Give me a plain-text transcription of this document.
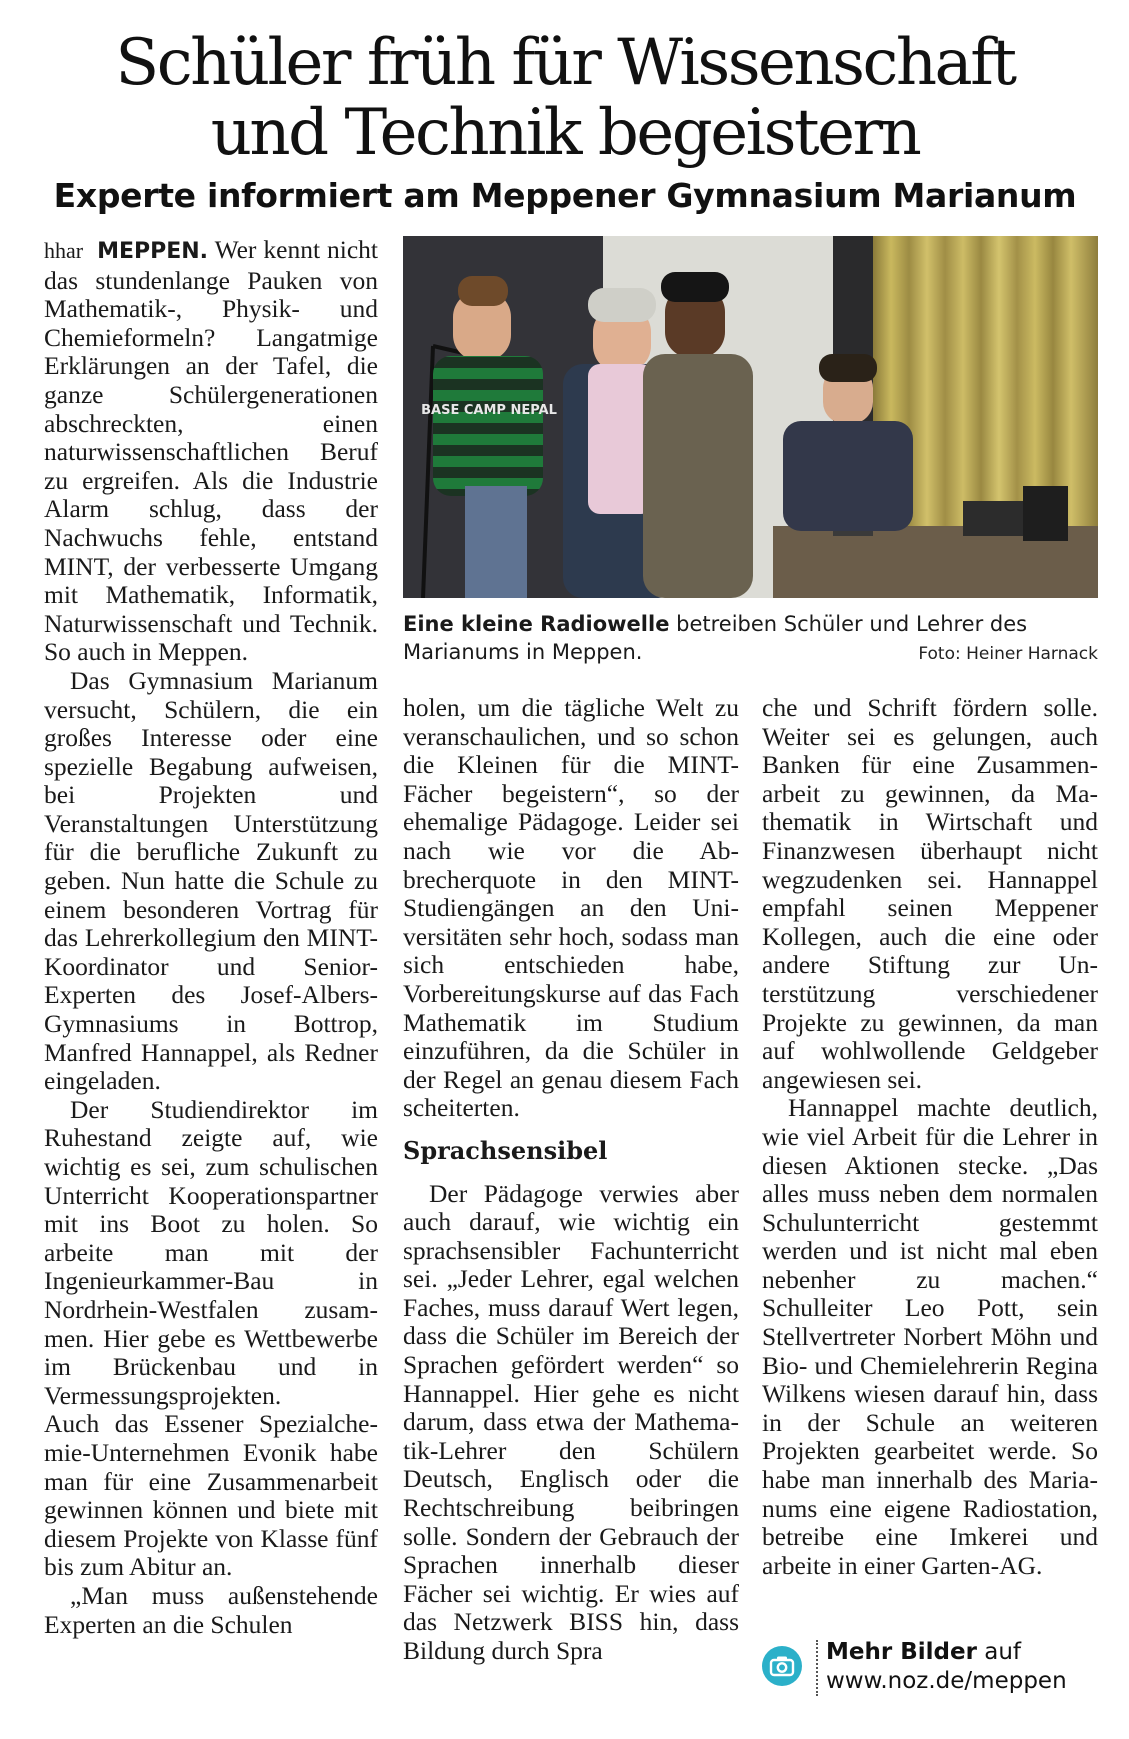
Schüler früh für Wissenschaft
und Technik begeistern
Experte informiert am Meppener Gymnasium Marianum

hhar MEPPEN. Wer kennt nicht das stundenlange Pauken von Mathematik-, Physik- und Chemieformeln? Langatmige Erklärungen an der Tafel, die ganze Schülergenerationen abschreckten, einen naturwissenschaftlichen Beruf zu ergreifen. Als die Industrie Alarm schlug, dass der Nachwuchs fehle, entstand MINT, der verbesserte Umgang mit Mathematik, Informatik, Naturwissenschaft und Technik. So auch in Meppen.

Das Gymnasium Marianum versucht, Schülern, die ein großes Interesse oder eine spezielle Begabung aufweisen, bei Projekten und Veranstaltungen Unterstützung für die berufliche Zukunft zu geben. Nun hatte die Schule zu einem besonderen Vortrag für das Lehrerkollegium den MINT-Koordinator und Senior-Experten des Josef-Albers-Gymnasiums in Bottrop, Manfred Hannappel, als Redner eingeladen.

Der Studiendirektor im Ruhestand zeigte auf, wie wichtig es sei, zum schulischen Unterricht Kooperationspartner mit ins Boot zu holen. So arbeite man mit der Ingenieurkammer-Bau in Nordrhein-Westfalen zusammen. Hier gebe es Wettbewerbe im Brückenbau und in Vermessungsprojekten.

Auch das Essener Spezialchemie-Unternehmen Evonik habe man für eine Zusammenarbeit gewinnen können und biete mit diesem Projekte von Klasse fünf bis zum Abitur an.

„Man muss außenstehende Experten an die Schulen

BASE CAMP NEPAL
Eine kleine Radiowelle betreiben Schüler und Lehrer des Marianums in Meppen.	Foto: Heiner Harnack

holen, um die tägliche Welt zu veranschaulichen, und so schon die Kleinen für die MINT-Fächer begeistern“, so der ehemalige Pädagoge. Leider sei nach wie vor die Abbrecherquote in den MINT-Studiengängen an den Universitäten sehr hoch, sodass man sich entschieden habe, Vorbereitungskurse auf das Fach Mathematik im Studium einzuführen, da die Schüler in der Regel an genau diesem Fach scheiterten.

Sprachsensibel

Der Pädagoge verwies aber auch darauf, wie wichtig ein sprachsensibler Fachunterricht sei. „Jeder Lehrer, egal welchen Faches, muss darauf Wert legen, dass die Schüler im Bereich der Sprachen gefördert werden“ so Hannappel. Hier gehe es nicht darum, dass etwa der Mathematik-Lehrer den Schülern Deutsch, Englisch oder die Rechtschreibung beibringen solle. Sondern der Gebrauch der Sprachen innerhalb dieser Fächer sei wichtig. Er wies auf das Netzwerk BISS hin, dass Bildung durch Spra

che und Schrift fördern solle. Weiter sei es gelungen, auch Banken für eine Zusammenarbeit zu gewinnen, da Mathematik in Wirtschaft und Finanzwesen überhaupt nicht wegzudenken sei. Hannappel empfahl seinen Meppener Kollegen, auch die eine oder andere Stiftung zur Unterstützung verschiedener Projekte zu gewinnen, da man auf wohlwollende Geldgeber angewiesen sei.

Hannappel machte deutlich, wie viel Arbeit für die Lehrer in diesen Aktionen stecke. „Das alles muss neben dem normalen Schulunterricht gestemmt werden und ist nicht mal eben nebenher zu machen.“ Schulleiter Leo Pott, sein Stellvertreter Norbert Möhn und Bio- und Chemielehrerin Regina Wilkens wiesen darauf hin, dass in der Schule an weiteren Projekten gearbeitet werde. So habe man innerhalb des Marianums eine eigene Radiostation, betreibe eine Imkerei und arbeite in einer Garten-AG.

Mehr Bilder auf
www.noz.de/meppen
